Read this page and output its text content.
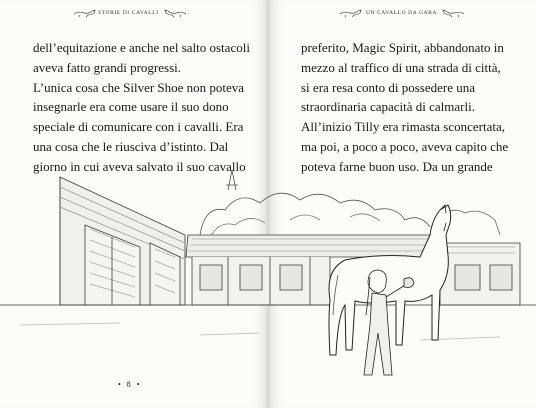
STORIE DI CAVALLI	UN CAVALLO DA GARA
dell’equitazione e anche nel salto ostacoli
aveva fatto grandi progressi.
L’unica cosa che Silver Shoe non poteva
insegnarle era come usare il suo dono
speciale di comunicare con i cavalli. Era
una cosa che le riusciva d’istinto. Dal
giorno in cui aveva salvato il suo cavallo
preferito, Magic Spirit, abbandonato in
mezzo al traffico di una strada di città,
si era resa conto di possedere una
straordinaria capacità di calmarli.
All’inizio Tilly era rimasta sconcertata,
ma poi, a poco a poco, aveva capito che
poteva farne buon uso. Da un grande
• 8 •
